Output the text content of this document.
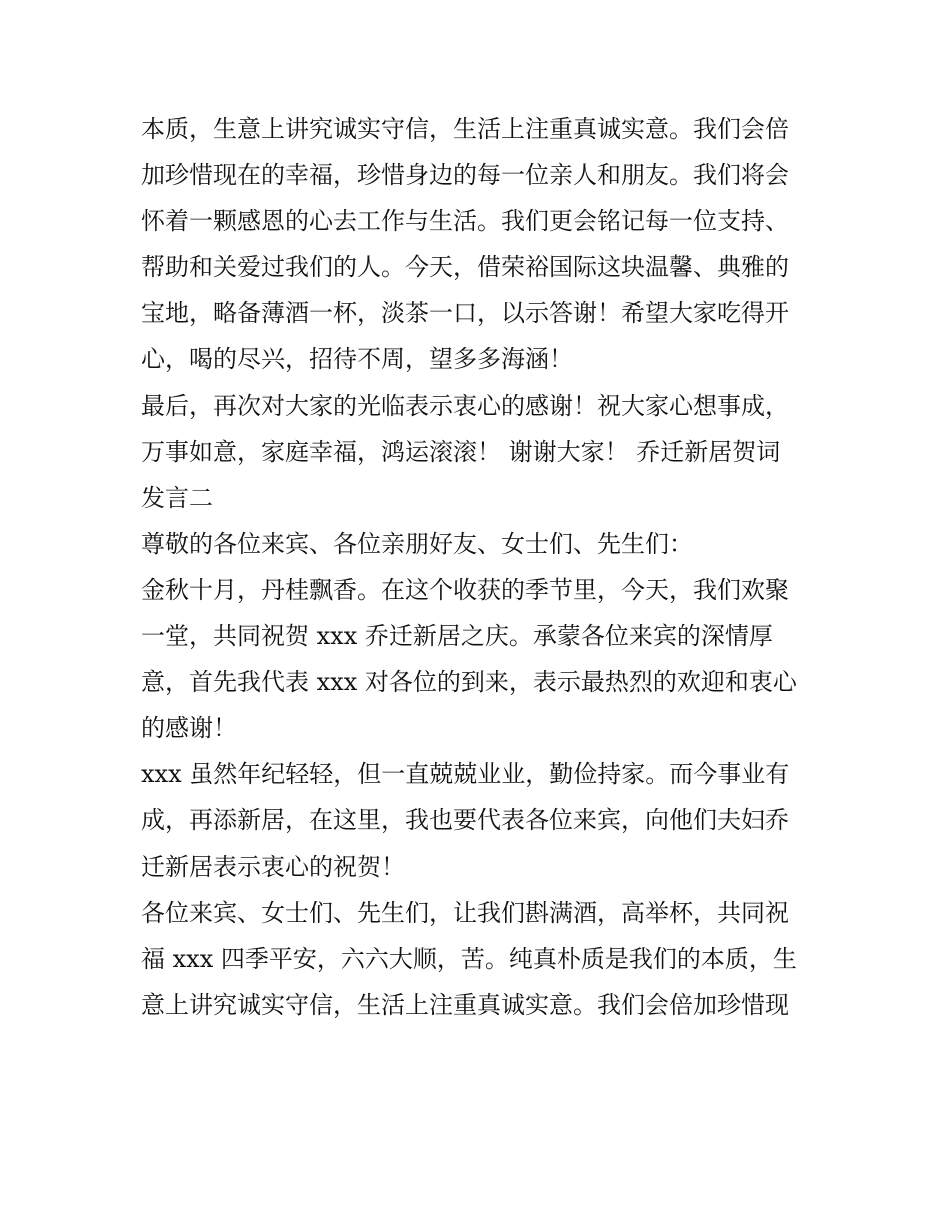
本质，生意上讲究诚实守信，生活上注重真诚实意。我们会倍
加珍惜现在的幸福，珍惜身边的每一位亲人和朋友。我们将会
怀着一颗感恩的心去工作与生活。我们更会铭记每一位支持、
帮助和关爱过我们的人。今天，借荣裕国际这块温馨、典雅的
宝地，略备薄酒一杯，淡茶一口，以示答谢！希望大家吃得开
心，喝的尽兴，招待不周，望多多海涵！
最后，再次对大家的光临表示衷心的感谢！祝大家心想事成，
万事如意，家庭幸福，鸿运滚滚！ 谢谢大家！ 乔迁新居贺词
发言二
尊敬的各位来宾、各位亲朋好友、女士们、先生们：
金秋十月，丹桂飘香。在这个收获的季节里，今天，我们欢聚
一堂，共同祝贺 xxx 乔迁新居之庆。承蒙各位来宾的深情厚
意，首先我代表 xxx 对各位的到来，表示最热烈的欢迎和衷心
的感谢！
xxx 虽然年纪轻轻，但一直兢兢业业，勤俭持家。而今事业有
成，再添新居，在这里，我也要代表各位来宾，向他们夫妇乔
迁新居表示衷心的祝贺！
各位来宾、女士们、先生们，让我们斟满酒，高举杯，共同祝
福 xxx 四季平安，六六大顺，苦。纯真朴质是我们的本质，生
意上讲究诚实守信，生活上注重真诚实意。我们会倍加珍惜现
